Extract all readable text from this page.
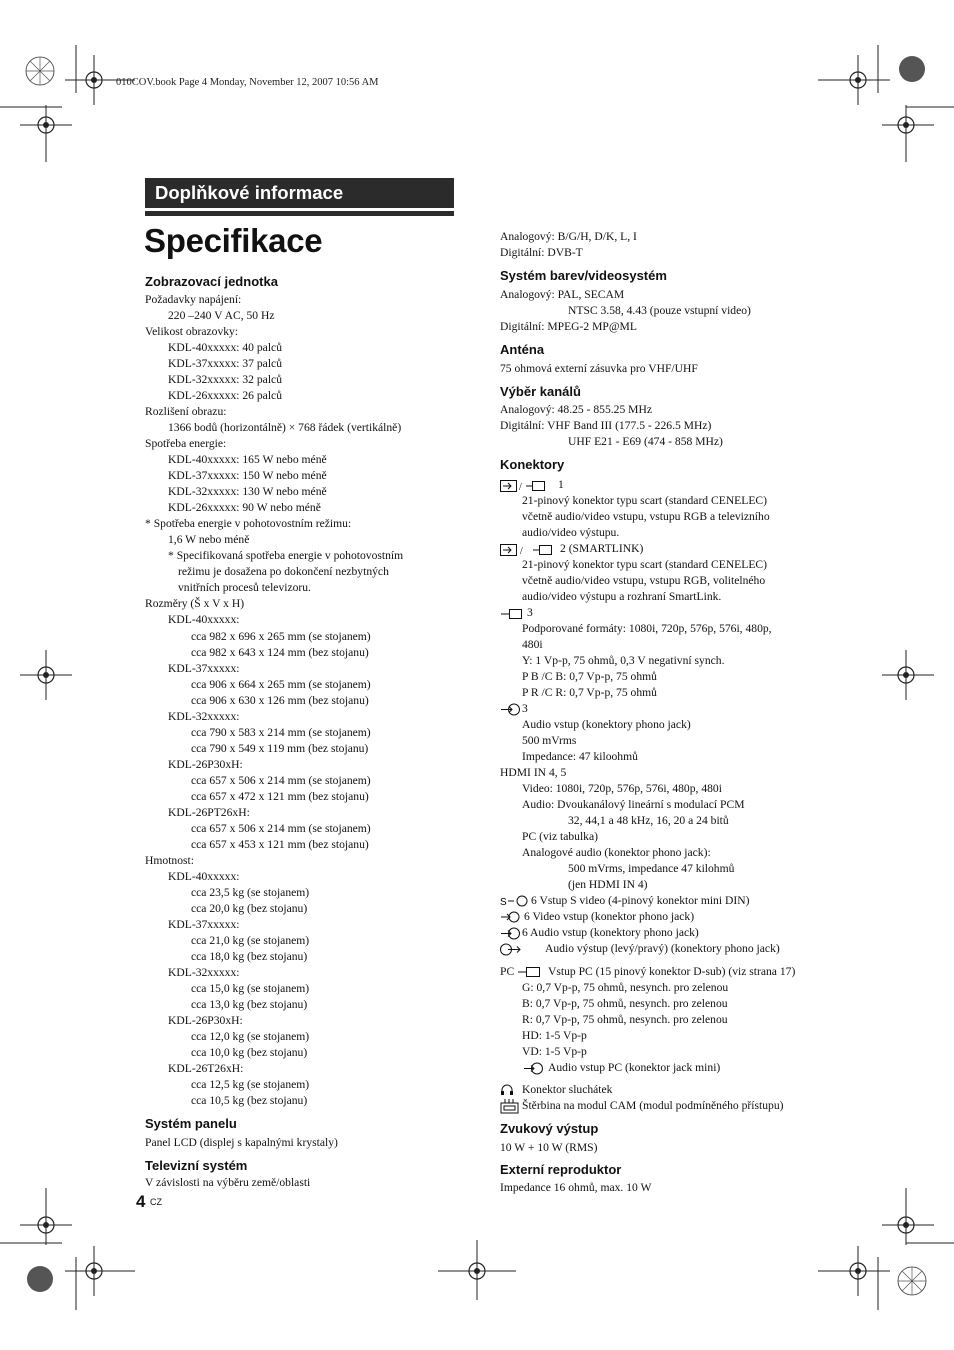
010COV.book Page 4 Monday, November 12, 2007 10:56 AM
Doplňkové informace
Specifikace
Zobrazovací jednotka
Požadavky napájení:
220 –240 V AC, 50 Hz
Velikost obrazovky:
KDL-40xxxxx: 40 palců
KDL-37xxxxx: 37 palců
KDL-32xxxxx: 32 palců
KDL-26xxxxx: 26 palců
Rozlišení obrazu:
1366 bodů (horizontálně) × 768 řádek (vertikálně)
Spotřeba energie:
KDL-40xxxxx: 165 W nebo méně
KDL-37xxxxx: 150 W nebo méně
KDL-32xxxxx: 130 W nebo méně
KDL-26xxxxx: 90 W nebo méně
* Spotřeba energie v pohotovostním režimu:
1,6 W nebo méně
* Specifikovaná spotřeba energie v pohotovostním
režimu je dosažena po dokončení nezbytných
vnitřních procesů televizoru.
Rozměry (Š x V x H)
KDL-40xxxxx:
cca 982 x 696 x 265 mm (se stojanem)
cca 982 x 643 x 124 mm (bez stojanu)
KDL-37xxxxx:
cca 906 x 664 x 265 mm (se stojanem)
cca 906 x 630 x 126 mm (bez stojanu)
KDL-32xxxxx:
cca 790 x 583 x 214 mm (se stojanem)
cca 790 x 549 x 119 mm (bez stojanu)
KDL-26P30xH:
cca 657 x 506 x 214 mm (se stojanem)
cca 657 x 472 x 121 mm (bez stojanu)
KDL-26PT26xH:
cca 657 x 506 x 214 mm (se stojanem)
cca 657 x 453 x 121 mm (bez stojanu)
Hmotnost:
KDL-40xxxxx:
cca 23,5 kg (se stojanem)
cca 20,0 kg (bez stojanu)
KDL-37xxxxx:
cca 21,0 kg (se stojanem)
cca 18,0 kg (bez stojanu)
KDL-32xxxxx:
cca 15,0 kg (se stojanem)
cca 13,0 kg (bez stojanu)
KDL-26P30xH:
cca 12,0 kg (se stojanem)
cca 10,0 kg (bez stojanu)
KDL-26T26xH:
cca 12,5 kg (se stojanem)
cca 10,5 kg (bez stojanu)
Systém panelu
Panel LCD (displej s kapalnými krystaly)
Televizní systém
V závislosti na výběru země/oblasti
Analogový: B/G/H, D/K, L, I
Digitální: DVB-T
Systém barev/videosystém
Analogový: PAL, SECAM
NTSC 3.58, 4.43 (pouze vstupní video)
Digitální: MPEG-2 MP@ML
Anténa
75 ohmová externí zásuvka pro VHF/UHF
Výběr kanálů
Analogový: 48.25 - 855.25 MHz
Digitální: VHF Band III (177.5 - 226.5 MHz)
UHF E21 - E69 (474 - 858 MHz)
Konektory
1
21-pinový konektor typu scart (standard CENELEC)
včetně audio/video vstupu, vstupu RGB a televizního
audio/video výstupu.
2 (SMARTLINK)
21-pinový konektor typu scart (standard CENELEC)
včetně audio/video vstupu, vstupu RGB, volitelného
audio/video výstupu a rozhraní SmartLink.
3
Podporované formáty: 1080i, 720p, 576p, 576i, 480p,
480i
Y: 1 Vp-p, 75 ohmů, 0,3 V negativní synch.
P B /C B: 0,7 Vp-p, 75 ohmů
P R /C R: 0,7 Vp-p, 75 ohmů
3
Audio vstup (konektory phono jack)
500 mVrms
Impedance: 47 kiloohmů
HDMI IN 4, 5
Video: 1080i, 720p, 576p, 576i, 480p, 480i
Audio: Dvoukanálový lineární s modulací PCM
32, 44,1 a 48 kHz, 16, 20 a 24 bitů
PC (viz tabulka)
Analogové audio (konektor phono jack):
500 mVrms, impedance 47 kilohmů
(jen HDMI IN 4)
6 Vstup S video (4-pinový konektor mini DIN)
6 Video vstup (konektor phono jack)
6 Audio vstup (konektory phono jack)
Audio výstup (levý/pravý) (konektory phono jack)
PC	Vstup PC (15 pinový konektor D-sub) (viz strana 17)
G: 0,7 Vp-p, 75 ohmů, nesynch. pro zelenou
B: 0,7 Vp-p, 75 ohmů, nesynch. pro zelenou
R: 0,7 Vp-p, 75 ohmů, nesynch. pro zelenou
HD: 1-5 Vp-p
VD: 1-5 Vp-p
Audio vstup PC (konektor jack mini)
Konektor sluchátek
Štěrbina na modul CAM (modul podmíněného přístupu)
Zvukový výstup
10 W + 10 W (RMS)
Externí reproduktor
Impedance 16 ohmů, max. 10 W
/
/
S
4 CZ
